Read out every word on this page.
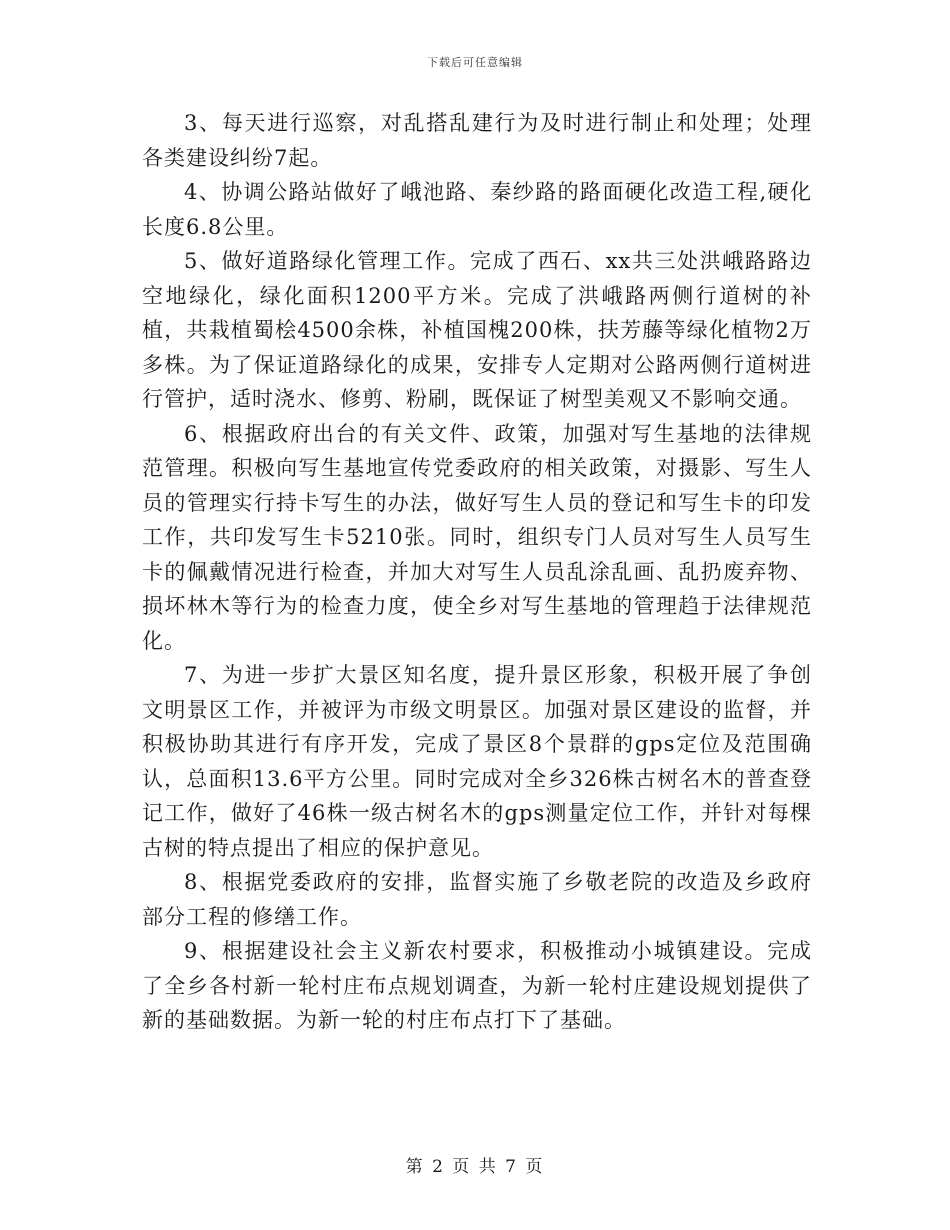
下载后可任意编辑

3、每天进行巡察，对乱搭乱建行为及时进行制止和处理；处理各类建设纠纷7起。

4、协调公路站做好了峨池路、秦纱路的路面硬化改造工程,硬化长度6.8公里。

5、做好道路绿化管理工作。完成了西石、xx共三处洪峨路路边空地绿化，绿化面积1200平方米。完成了洪峨路两侧行道树的补植，共栽植蜀桧4500余株，补植国槐200株，扶芳藤等绿化植物2万多株。为了保证道路绿化的成果，安排专人定期对公路两侧行道树进行管护，适时浇水、修剪、粉刷，既保证了树型美观又不影响交通。

6、根据政府出台的有关文件、政策，加强对写生基地的法律规范管理。积极向写生基地宣传党委政府的相关政策，对摄影、写生人员的管理实行持卡写生的办法，做好写生人员的登记和写生卡的印发工作，共印发写生卡5210张。同时，组织专门人员对写生人员写生卡的佩戴情况进行检查，并加大对写生人员乱涂乱画、乱扔废弃物、损坏林木等行为的检查力度，使全乡对写生基地的管理趋于法律规范化。

7、为进一步扩大景区知名度，提升景区形象，积极开展了争创文明景区工作，并被评为市级文明景区。加强对景区建设的监督，并积极协助其进行有序开发，完成了景区8个景群的gps定位及范围确认，总面积13.6平方公里。同时完成对全乡326株古树名木的普查登记工作，做好了46株一级古树名木的gps测量定位工作，并针对每棵古树的特点提出了相应的保护意见。

8、根据党委政府的安排，监督实施了乡敬老院的改造及乡政府部分工程的修缮工作。

9、根据建设社会主义新农村要求，积极推动小城镇建设。完成了全乡各村新一轮村庄布点规划调查，为新一轮村庄建设规划提供了新的基础数据。为新一轮的村庄布点打下了基础。

第 2 页 共 7 页
